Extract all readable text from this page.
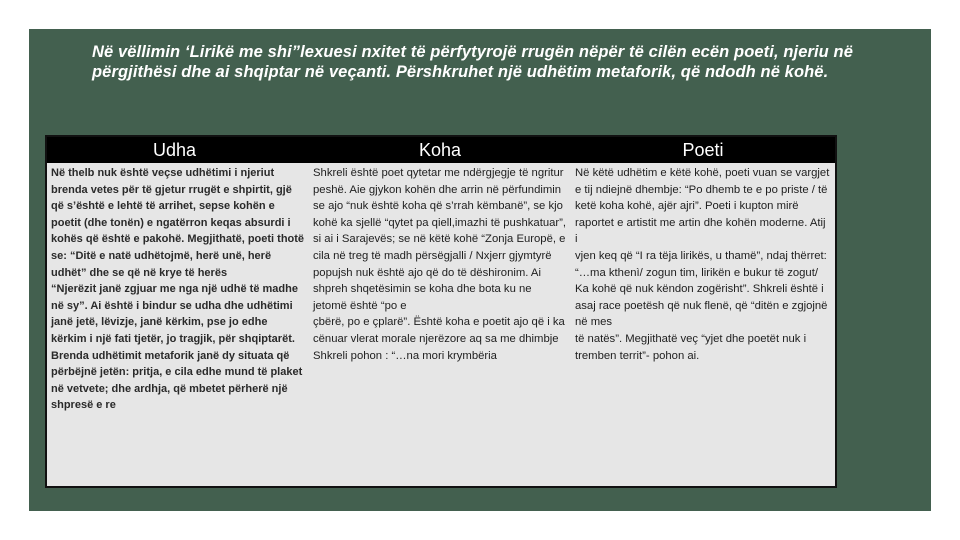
Në vëllimin ‘Lirikë me shi”lexuesi nxitet të përfytyrojë rrugën nëpër të cilën ecën poeti, njeriu në përgjithësi dhe ai shqiptar në veçanti. Përshkruhet një udhëtim metaforik, që ndodh në kohë.
Udha
Në thelb nuk është veçse udhëtimi i njeriut brenda vetes për të gjetur rrugët e shpirtit, gjë që s’është e lehtë të arrihet, sepse kohën e poetit (dhe tonën) e ngatërron keqas absurdi i kohës që është e pakohë. Megjithatë, poeti thotë se: “Ditë e natë udhëtojmë, herë unë, herë udhët” dhe se që në krye të herës
“Njerëzit janë zgjuar me nga një udhë të madhe në sy”. Ai është i bindur se udha dhe udhëtimi janë jetë, lëvizje, janë kërkim, pse jo edhe kërkim i një fati tjetër, jo tragjik, për shqiptarët.
Brenda udhëtimit metaforik janë dy situata që përbëjnë jetën: pritja, e cila edhe mund të plaket në vetvete; dhe ardhja, që mbetet përherë një shpresë e re
Koha
Shkreli është poet qytetar me ndërgjegje të ngritur peshë. Aie gjykon kohën dhe arrin në përfundimin se ajo “nuk është koha që s’rrah këmbanë”, se kjo kohë ka sjellë “qytet pa qiell,imazhi të pushkatuar”, si ai i Sarajevës; se në këtë kohë “Zonja Europë, e cila në treg të madh përsëgjalli / Nxjerr gjymtyrë popujsh nuk është ajo që do të dëshironim. Ai shpreh shqetësimin se koha dhe bota ku ne jetomë është “po e
çbërë, po e çplarë”. Është koha e poetit ajo që i ka cënuar vlerat morale njerëzore aq sa me dhimbje Shkreli pohon : “…na mori krymbëria
Poeti
Në këtë udhëtim e këtë kohë, poeti vuan se vargjet e tij ndiejnë dhembje: “Po dhemb te e po priste / të ketë koha kohë, ajër ajri”. Poeti i kupton mirë raportet e artistit me artin dhe kohën moderne. Atij i
vjen keq që “I ra tëja lirikës, u thamë”, ndaj thërret: “…ma kthenì/ zogun tim, lirikën e bukur të zogut/ Ka kohë që nuk këndon zogërisht”. Shkreli është i asaj race poetësh që nuk flenë, që “ditën e zgjojnë në mes
të natës”. Megjithatë veç “yjet dhe poetët nuk i tremben territ”- pohon ai.
